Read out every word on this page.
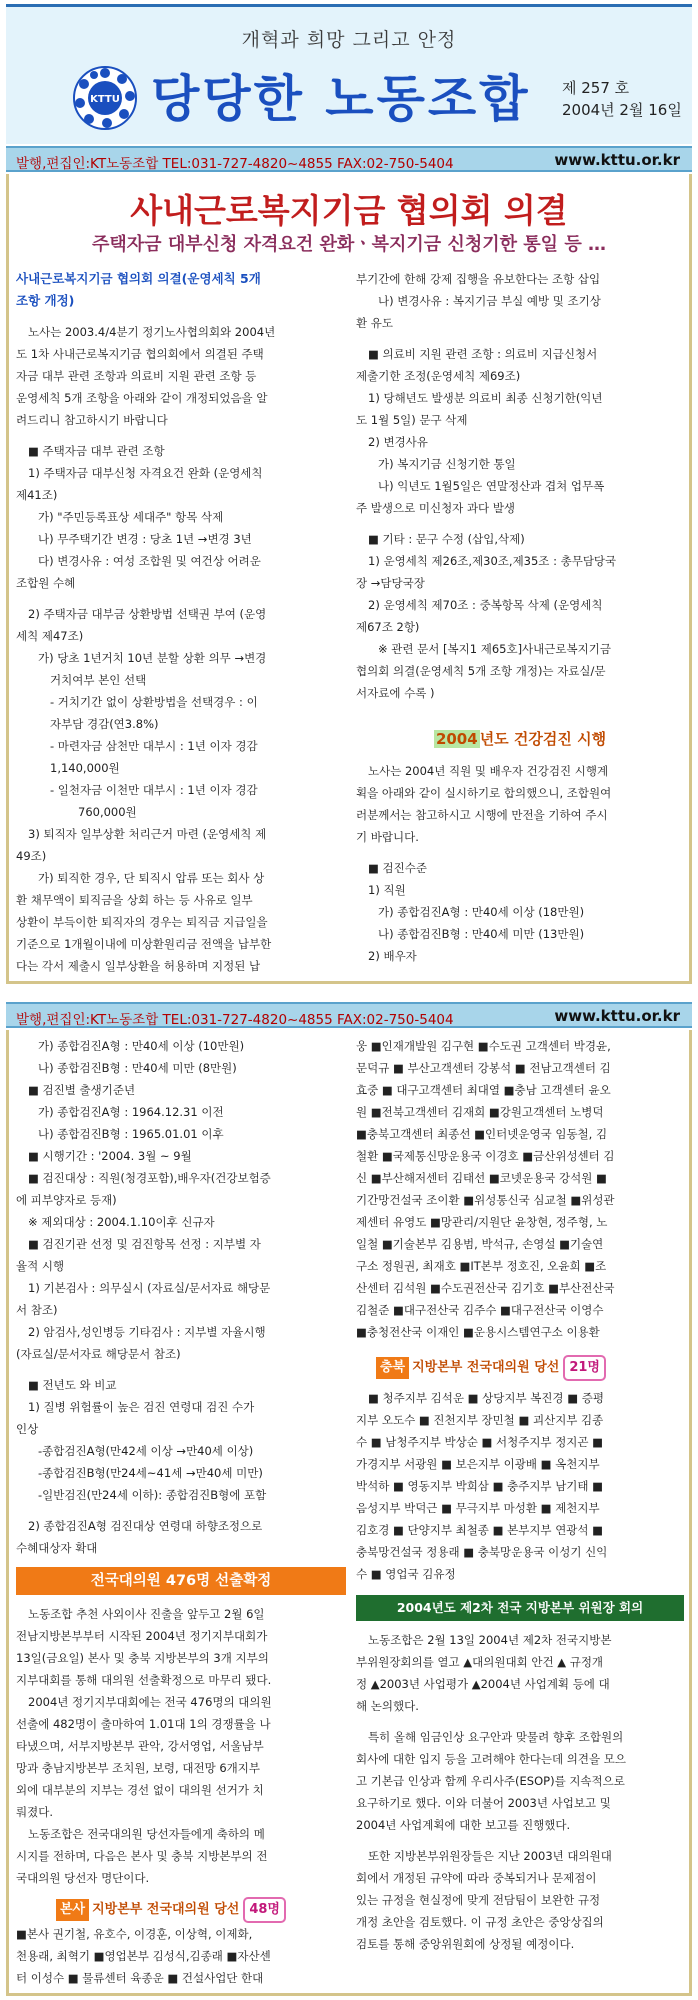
개혁과 희망 그리고 안정
KTTU 당당한 노동조합 제 257 호
2004년 2월 16일
발행,편집인:KT노동조합 TEL:031-727-4820~4855 FAX:02-750-5404	www.kttu.or.kr
사내근로복지기금 협의회 의결
주택자금 대부신청 자격요건 완화ㆍ복지기금 신청기한 통일 등 …

사내근로복지기금 협의회 의결(운영세칙 5개

조항 개정)

노사는 2003.4/4분기 정기노사협의회와 2004년

도 1차 사내근로복지기금 협의회에서 의결된 주택

자금 대부 관련 조항과 의료비 지원 관련 조항 등

운영세칙 5개 조항을 아래와 같이 개정되었음을 알

려드리니 참고하시기 바랍니다

■ 주택자금 대부 관련 조항

1) 주택자금 대부신청 자격요건 완화 (운영세칙

제41조)

가) "주민등록표상 세대주" 항목 삭제

나) 무주택기간 변경 : 당초 1년 →변경 3년

다) 변경사유 : 여성 조합원 및 여건상 어려운

조합원 수혜

2) 주택자금 대부금 상환방법 선택권 부여 (운영

세칙 제47조)

가) 당초 1년거치 10년 분할 상환 의무 →변경

거치여부 본인 선택

- 거치기간 없이 상환방법을 선택경우 : 이

자부담 경감(연3.8%)

- 마련자금 삼천만 대부시 : 1년 이자 경감

1,140,000원

- 일천자금 이천만 대부시 : 1년 이자 경감

760,000원

3) 퇴직자 일부상환 처리근거 마련 (운영세칙 제

49조)

가) 퇴직한 경우, 단 퇴직시 압류 또는 회사 상

환 채무액이 퇴직금을 상회 하는 등 사유로 일부

상환이 부득이한 퇴직자의 경우는 퇴직금 지급일을

기준으로 1개월이내에 미상환원리금 전액을 납부한

다는 각서 제출시 일부상환을 허용하며 지정된 납

부기간에 한해 강제 집행을 유보한다는 조항 삽입

나) 변경사유 : 복지기금 부실 예방 및 조기상

환 유도

■ 의료비 지원 관련 조항 : 의료비 지급신청서

제출기한 조정(운영세칙 제69조)

1) 당해년도 발생분 의료비 최종 신청기한(익년

도 1월 5일) 문구 삭제

2) 변경사유

가) 복지기금 신청기한 통일

나) 익년도 1월5일은 연말정산과 겹쳐 업무폭

주 발생으로 미신청자 과다 발생

■ 기타 : 문구 수정 (삽입,삭제)

1) 운영세칙 제26조,제30조,제35조 : 총무담당국

장 →담당국장

2) 운영세칙 제70조 : 중복항목 삭제 (운영세칙

제67조 2항)

※ 관련 문서 [복지1 제65호]사내근로복지기금

협의회 의결(운영세칙 5개 조항 개정)는 자료실/문

서자료에 수록 )

2004 년도 건강검진 시행

노사는 2004년 직원 및 배우자 건강검진 시행계

획을 아래와 같이 실시하기로 합의했으니, 조합원여

러분께서는 참고하시고 시행에 만전을 기하여 주시

기 바랍니다.

■ 검진수준

1) 직원

가) 종합검진A형 : 만40세 이상 (18만원)

나) 종합검진B형 : 만40세 미만 (13만원)

2) 배우자

발행,편집인:KT노동조합 TEL:031-727-4820~4855 FAX:02-750-5404	www.kttu.or.kr

가) 종합검진A형 : 만40세 이상 (10만원)

나) 종합검진B형 : 만40세 미만 (8만원)

■ 검진별 출생기준년

가) 종합검진A형 : 1964.12.31 이전

나) 종합검진B형 : 1965.01.01 이후

■ 시행기간 : '2004. 3월 ~ 9월

■ 검진대상 : 직원(청경포함),배우자(건강보험증

에 피부양자로 등재)

※ 제외대상 : 2004.1.10이후 신규자

■ 검진기관 선정 및 검진항목 선정 : 지부별 자

율적 시행

1) 기본검사 : 의무실시 (자료실/문서자료 해당문

서 참조)

2) 암검사,성인병등 기타검사 : 지부별 자율시행

(자료실/문서자료 해당문서 참조)

■ 전년도 와 비교

1) 질병 위험률이 높은 검진 연령대 검진 수가

인상

-종합검진A형(만42세 이상 →만40세 이상)

-종합검진B형(만24세~41세 →만40세 미만)

-일반검진(만24세 이하): 종합검진B형에 포함

2) 종합검진A형 검진대상 연령대 하향조정으로

수혜대상자 확대

전국대의원 476명 선출확정

노동조합 추천 사외이사 진출을 앞두고 2월 6일

전남지방본부부터 시작된 2004년 정기지부대회가

13일(금요일) 본사 및 충북 지방본부의 3개 지부의

지부대회를 통해 대의원 선출확정으로 마무리 됐다.

2004년 정기지부대회에는 전국 476명의 대의원

선출에 482명이 출마하여 1.01대 1의 경쟁률을 나

타냈으며, 서부지방본부 관악, 강서영업, 서울남부

망과 충남지방본부 조치원, 보령, 대전망 6개지부

외에 대부분의 지부는 경선 없이 대의원 선거가 치

뤄졌다.

노동조합은 전국대의원 당선자들에게 축하의 메

시지를 전하며, 다음은 본사 및 충북 지방본부의 전

국대의원 당선자 명단이다.

본사 지방본부 전국대의원 당선 48명

■본사 권기철, 유호수, 이경훈, 이상혁, 이제화,

천용래, 최혁기 ■영업본부 김성식,김종래 ■자산센

터 이성수 ■ 물류센터 육종운 ■ 건설사업단 한대

웅 ■인재개발원 김구현 ■수도권 고객센터 박경윤,

문덕규 ■ 부산고객센터 강봉석 ■ 전남고객센터 김

효중 ■ 대구고객센터 최대열 ■충남 고객센터 윤오

원 ■전북고객센터 김재희 ■강원고객센터 노병덕

■충북고객센터 최종선 ■인터넷운영국 임동철, 김

철환 ■국제통신망운용국 이경호 ■금산위성센터 김

신 ■부산해저센터 김태선 ■코넷운용국 강석원 ■

기간망건설국 조이환 ■위성통신국 심교철 ■위성관

제센터 유영도 ■망관리/지원단 윤창현, 정주형, 노

일철 ■기술본부 김용범, 박석규, 손영설 ■기술연

구소 정원권, 최재호 ■IT본부 정호진, 오윤희 ■조

산센터 김석원 ■수도권전산국 김기호 ■부산전산국

김철준 ■대구전산국 김주수 ■대구전산국 이영수

■충청전산국 이재인 ■운용시스템연구소 이용환

충북 지방본부 전국대의원 당선 21명

■ 청주지부 김석운 ■ 상당지부 복진경 ■ 증평

지부 오도수 ■ 진천지부 장민철 ■ 괴산지부 김종

수 ■ 남청주지부 박상순 ■ 서청주지부 정지곤 ■

가경지부 서광원 ■ 보은지부 이광배 ■ 옥천지부

박석하 ■ 영동지부 박희삼 ■ 충주지부 남기태 ■

음성지부 박덕근 ■ 무극지부 마성환 ■ 제천지부

김호경 ■ 단양지부 최철종 ■ 본부지부 연광석 ■

충북망건설국 정용래 ■ 충북망운용국 이성기 신익

수 ■ 영업국 김유정

2004년도 제2차 전국 지방본부 위원장 회의

노동조합은 2월 13일 2004년 제2차 전국지방본

부위원장회의를 열고 ▲대의원대회 안건 ▲ 규정개

정 ▲2003년 사업평가 ▲2004년 사업계획 등에 대

해 논의했다.

특히 올해 임금인상 요구안과 맞물려 향후 조합원의

회사에 대한 입지 등을 고려해야 한다는데 의견을 모으

고 기본급 인상과 함께 우리사주(ESOP)를 지속적으로

요구하기로 했다. 이와 더불어 2003년 사업보고 및

2004년 사업계획에 대한 보고를 진행했다.

또한 지방본부위원장들은 지난 2003년 대의원대

회에서 개정된 규약에 따라 중복되거나 문제점이

있는 규정을 현실정에 맞게 전담팀이 보완한 규정

개정 초안을 검토했다. 이 규정 초안은 중앙상집의

검토를 통해 중앙위원회에 상정될 예정이다.
